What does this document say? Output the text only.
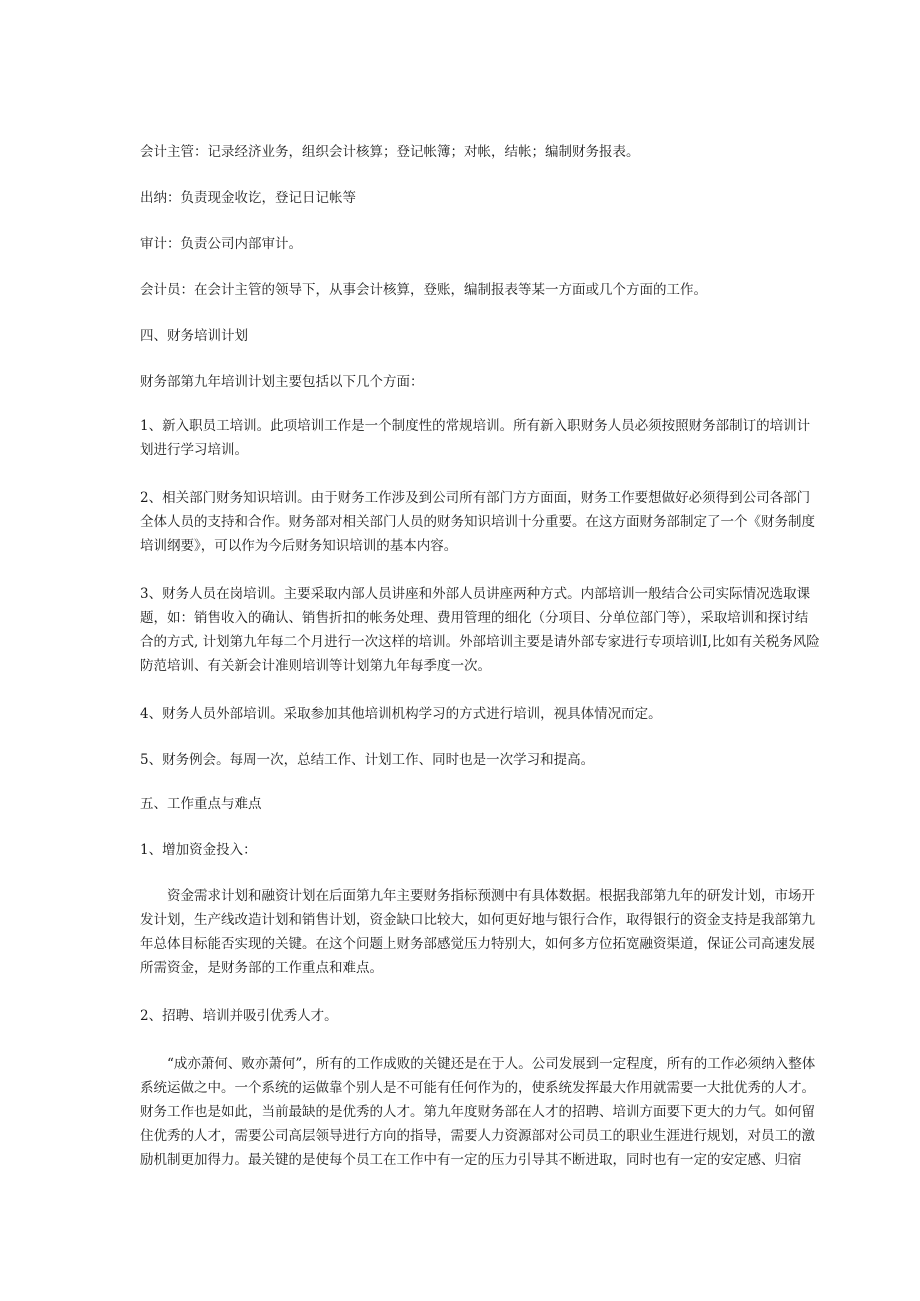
会计主管：记录经济业务，组织会计核算；登记帐簿；对帐，结帐；编制财务报表。

出纳：负责现金收讫，登记日记帐等

审计：负责公司内部审计。

会计员：在会计主管的领导下，从事会计核算，登账，编制报表等某一方面或几个方面的工作。

四、财务培训计划

财务部第九年培训计划主要包括以下几个方面：

1、新入职员工培训。此项培训工作是一个制度性的常规培训。所有新入职财务人员必须按照财务部制订的培训计划进行学习培训。

2、相关部门财务知识培训。由于财务工作涉及到公司所有部门方方面面，财务工作要想做好必须得到公司各部门全体人员的支持和合作。财务部对相关部门人员的财务知识培训十分重要。在这方面财务部制定了一个《财务制度培训纲要》，可以作为今后财务知识培训的基本内容。

3、财务人员在岗培训。主要采取内部人员讲座和外部人员讲座两种方式。内部培训一般结合公司实际情况选取课题，如：销售收入的确认、销售折扣的帐务处理、费用管理的细化（分项目、分单位部门等），采取培训和探讨结合的方式, 计划第九年每二个月进行一次这样的培训。外部培训主要是请外部专家进行专项培训I,比如有关税务风险防范培训、有关新会计准则培训等计划第九年每季度一次。

4、财务人员外部培训。采取参加其他培训机构学习的方式进行培训，视具体情况而定。

5、财务例会。每周一次，总结工作、计划工作、同时也是一次学习和提高。

五、工作重点与难点

1、增加资金投入：

资金需求计划和融资计划在后面第九年主要财务指标预测中有具体数据。根据我部第九年的研发计划，市场开发计划，生产线改造计划和销售计划，资金缺口比较大，如何更好地与银行合作，取得银行的资金支持是我部第九年总体目标能否实现的关键。在这个问题上财务部感觉压力特别大，如何多方位拓宽融资渠道，保证公司高速发展所需资金，是财务部的工作重点和难点。

2、招聘、培训并吸引优秀人才。

“成亦萧何、败亦萧何”，所有的工作成败的关键还是在于人。公司发展到一定程度，所有的工作必须纳入整体系统运做之中。一个系统的运做靠个别人是不可能有任何作为的，使系统发挥最大作用就需要一大批优秀的人才。财务工作也是如此，当前最缺的是优秀的人才。第九年度财务部在人才的招聘、培训方面要下更大的力气。如何留住优秀的人才，需要公司高层领导进行方向的指导，需要人力资源部对公司员工的职业生涯进行规划，对员工的激励机制更加得力。最关键的是使每个员工在工作中有一定的压力引导其不断进取，同时也有一定的安定感、归宿
